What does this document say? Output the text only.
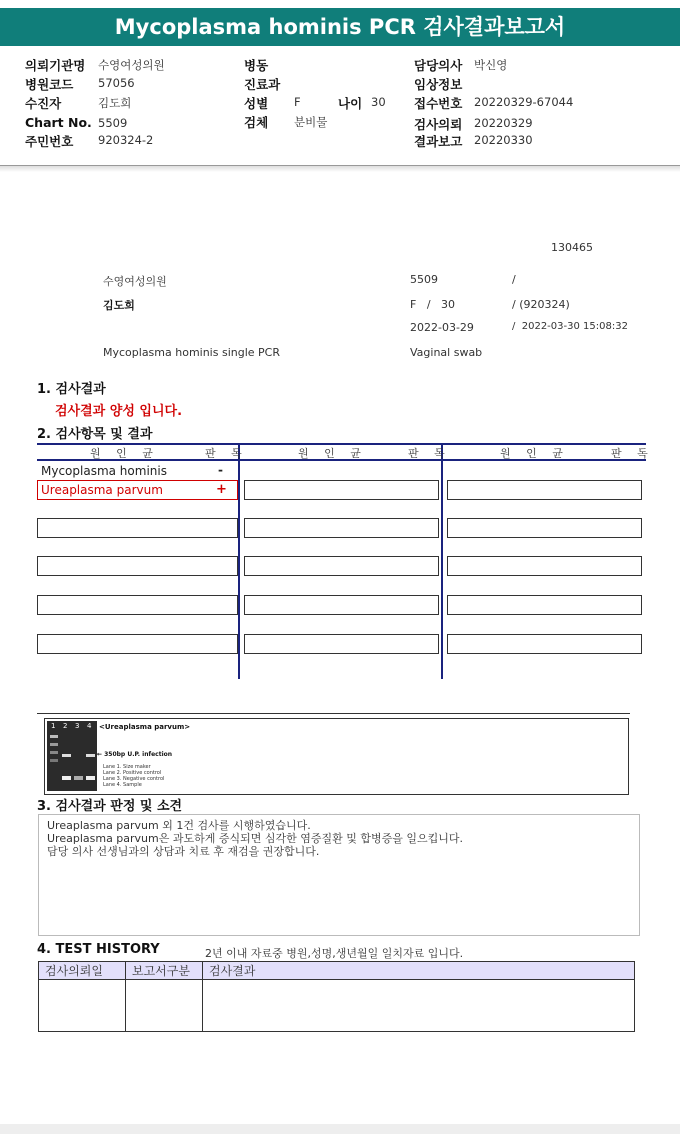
Mycoplasma hominis PCR 검사결과보고서
의뢰기관명 수영여성의원
병원코드 57056
수진자	김도희
Chart No. 5509
주민번호 920324-2
병동
진료과
성별 F	나이 30
검체 분비물
담당의사 박신영
임상정보
접수번호 20220329-67044
검사의뢰 20220329
결과보고 20220330
130465
수영여성의원	5509	/
김도희	F   /   30	/ (920324)
2022-03-29	/  2022-03-30 15:08:32
Mycoplasma hominis single PCR	Vaginal swab
1. 검사결과
검사결과 양성 입니다.
2. 검사항목 및 결과
원 인 균	판 독	원 인 균	판 독	원 인 균	판 독
Mycoplasma hominis	-
Ureaplasma parvum	+
1 2 3 4 <Ureaplasma parvum>
← 350bp U.P. infection
Lane 1. Size maker
Lane 2. Positive control
Lane 3. Negative control
Lane 4. Sample
3. 검사결과 판정 및 소견
Ureaplasma parvum 외 1건 검사를 시행하였습니다.
Ureaplasma parvum은 과도하게 증식되면 심각한 염증질환 및 합병증을 일으킵니다.
담당 의사 선생님과의 상담과 치료 후 재검을 권장합니다.
4. TEST HISTORY	2년 이내 자료중 병원,성명,생년월일 일치자료 입니다.
검사의뢰일	보고서구분	검사결과
